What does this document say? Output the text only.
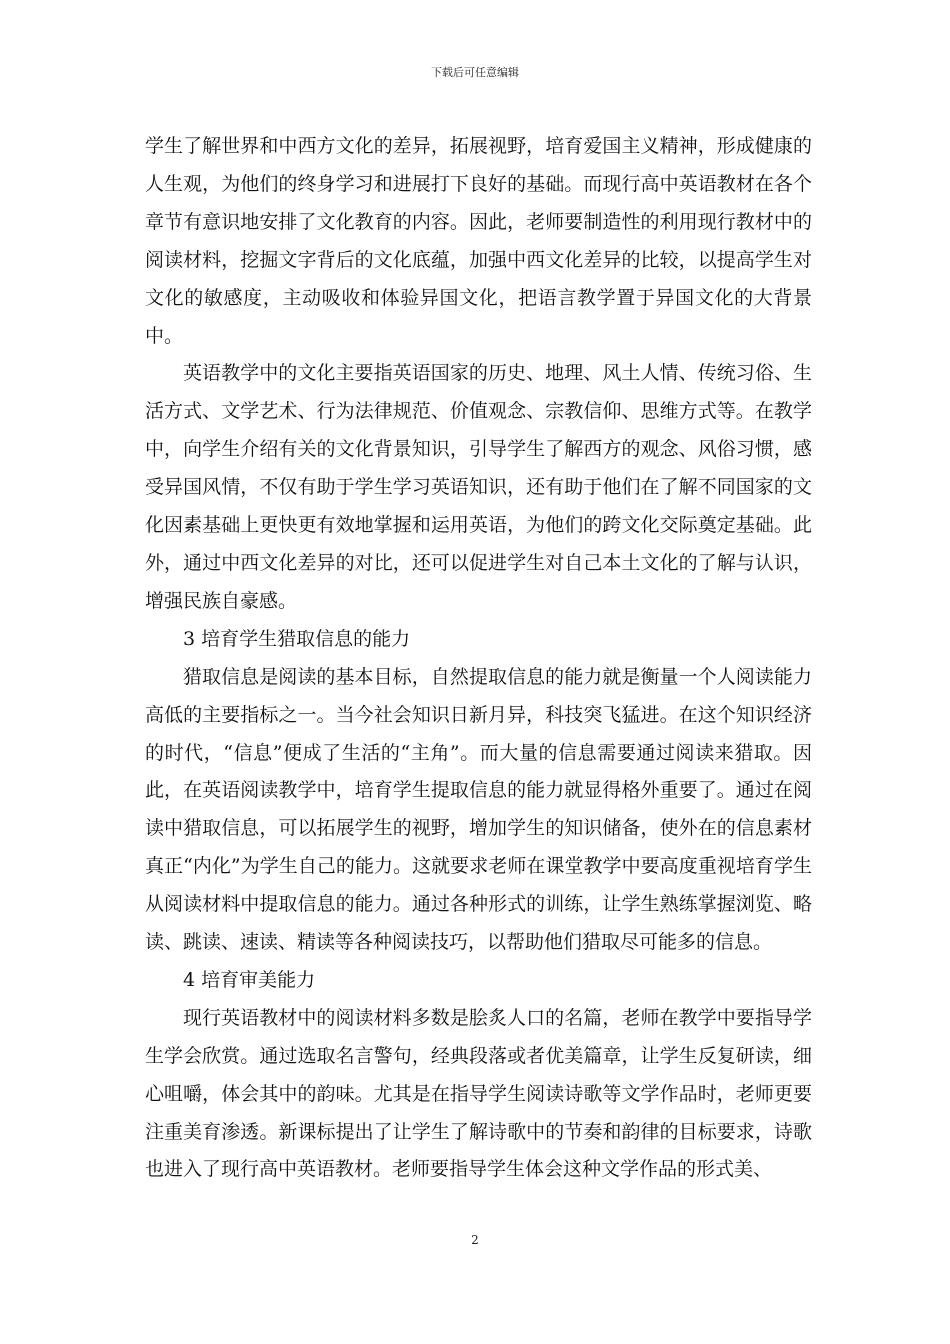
下载后可任意编辑

学生了解世界和中西方文化的差异，拓展视野，培育爱国主义精神，形成健康的人生观，为他们的终身学习和进展打下良好的基础。而现行高中英语教材在各个章节有意识地安排了文化教育的内容。因此，老师要制造性的利用现行教材中的阅读材料，挖掘文字背后的文化底蕴，加强中西文化差异的比较，以提高学生对文化的敏感度，主动吸收和体验异国文化，把语言教学置于异国文化的大背景中。

英语教学中的文化主要指英语国家的历史、地理、风土人情、传统习俗、生活方式、文学艺术、行为法律规范、价值观念、宗教信仰、思维方式等。在教学中，向学生介绍有关的文化背景知识，引导学生了解西方的观念、风俗习惯，感受异国风情，不仅有助于学生学习英语知识，还有助于他们在了解不同国家的文化因素基础上更快更有效地掌握和运用英语，为他们的跨文化交际奠定基础。此外，通过中西文化差异的对比，还可以促进学生对自己本土文化的了解与认识，增强民族自豪感。

3 培育学生猎取信息的能力

猎取信息是阅读的基本目标，自然提取信息的能力就是衡量一个人阅读能力高低的主要指标之一。当今社会知识日新月异，科技突飞猛进。在这个知识经济的时代，“信息”便成了生活的“主角”。而大量的信息需要通过阅读来猎取。因此，在英语阅读教学中，培育学生提取信息的能力就显得格外重要了。通过在阅读中猎取信息，可以拓展学生的视野，增加学生的知识储备，使外在的信息素材真正“内化”为学生自己的能力。这就要求老师在课堂教学中要高度重视培育学生从阅读材料中提取信息的能力。通过各种形式的训练，让学生熟练掌握浏览、略读、跳读、速读、精读等各种阅读技巧，以帮助他们猎取尽可能多的信息。

4 培育审美能力

现行英语教材中的阅读材料多数是脍炙人口的名篇，老师在教学中要指导学生学会欣赏。通过选取名言警句，经典段落或者优美篇章，让学生反复研读，细心咀嚼，体会其中的韵味。尤其是在指导学生阅读诗歌等文学作品时，老师更要注重美育渗透。新课标提出了让学生了解诗歌中的节奏和韵律的目标要求，诗歌也进入了现行高中英语教材。老师要指导学生体会这种文学作品的形式美、

2
